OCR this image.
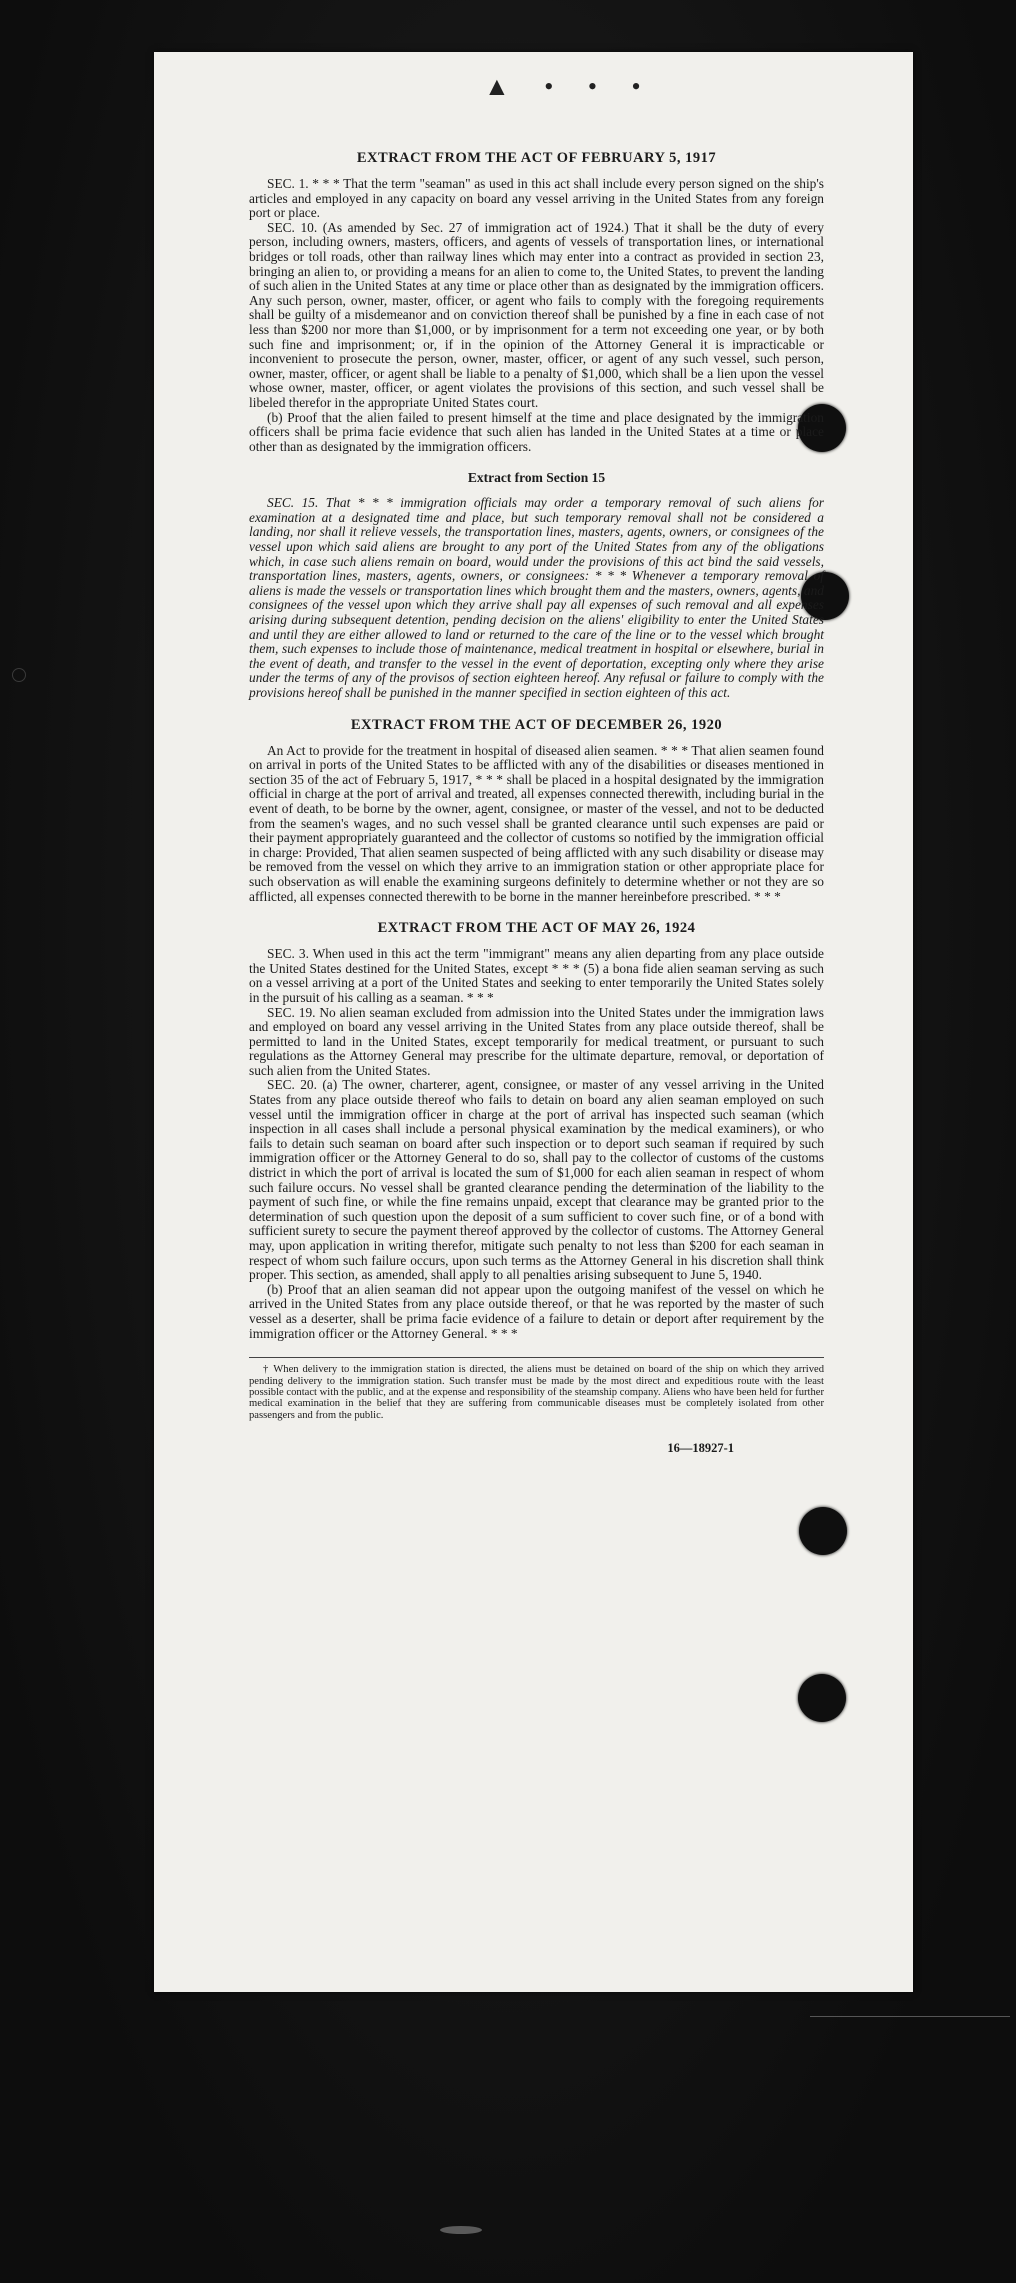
▲ • • •
EXTRACT FROM THE ACT OF FEBRUARY 5, 1917

SEC. 1. * * * That the term "seaman" as used in this act shall include every person signed on the ship's articles and employed in any capacity on board any vessel arriving in the United States from any foreign port or place.

SEC. 10. (As amended by Sec. 27 of immigration act of 1924.) That it shall be the duty of every person, including owners, masters, officers, and agents of vessels of transportation lines, or international bridges or toll roads, other than railway lines which may enter into a contract as provided in section 23, bringing an alien to, or providing a means for an alien to come to, the United States, to prevent the landing of such alien in the United States at any time or place other than as designated by the immigration officers. Any such person, owner, master, officer, or agent who fails to comply with the foregoing requirements shall be guilty of a misdemeanor and on conviction thereof shall be punished by a fine in each case of not less than $200 nor more than $1,000, or by imprisonment for a term not exceeding one year, or by both such fine and imprisonment; or, if in the opinion of the Attorney General it is impracticable or inconvenient to prosecute the person, owner, master, officer, or agent of any such vessel, such person, owner, master, officer, or agent shall be liable to a penalty of $1,000, which shall be a lien upon the vessel whose owner, master, officer, or agent violates the provisions of this section, and such vessel shall be libeled therefor in the appropriate United States court.

(b) Proof that the alien failed to present himself at the time and place designated by the immigration officers shall be prima facie evidence that such alien has landed in the United States at a time or place other than as designated by the immigration officers.

Extract from Section 15

SEC. 15. That * * * immigration officials may order a temporary removal of such aliens for examination at a designated time and place, but such temporary removal shall not be considered a landing, nor shall it relieve vessels, the transportation lines, masters, agents, owners, or consignees of the vessel upon which said aliens are brought to any port of the United States from any of the obligations which, in case such aliens remain on board, would under the provisions of this act bind the said vessels, transportation lines, masters, agents, owners, or consignees: * * * Whenever a temporary removal of aliens is made the vessels or transportation lines which brought them and the masters, owners, agents, and consignees of the vessel upon which they arrive shall pay all expenses of such removal and all expenses arising during subsequent detention, pending decision on the aliens' eligibility to enter the United States and until they are either allowed to land or returned to the care of the line or to the vessel which brought them, such expenses to include those of maintenance, medical treatment in hospital or elsewhere, burial in the event of death, and transfer to the vessel in the event of deportation, excepting only where they arise under the terms of any of the provisos of section eighteen hereof. Any refusal or failure to comply with the provisions hereof shall be punished in the manner specified in section eighteen of this act.

EXTRACT FROM THE ACT OF DECEMBER 26, 1920

An Act to provide for the treatment in hospital of diseased alien seamen. * * * That alien seamen found on arrival in ports of the United States to be afflicted with any of the disabilities or diseases mentioned in section 35 of the act of February 5, 1917, * * * shall be placed in a hospital designated by the immigration official in charge at the port of arrival and treated, all expenses connected therewith, including burial in the event of death, to be borne by the owner, agent, consignee, or master of the vessel, and not to be deducted from the seamen's wages, and no such vessel shall be granted clearance until such expenses are paid or their payment appropriately guaranteed and the collector of customs so notified by the immigration official in charge: Provided, That alien seamen suspected of being afflicted with any such disability or disease may be removed from the vessel on which they arrive to an immigration station or other appropriate place for such observation as will enable the examining surgeons definitely to determine whether or not they are so afflicted, all expenses connected therewith to be borne in the manner hereinbefore prescribed. * * *

EXTRACT FROM THE ACT OF MAY 26, 1924

SEC. 3. When used in this act the term "immigrant" means any alien departing from any place outside the United States destined for the United States, except * * * (5) a bona fide alien seaman serving as such on a vessel arriving at a port of the United States and seeking to enter temporarily the United States solely in the pursuit of his calling as a seaman. * * *

SEC. 19. No alien seaman excluded from admission into the United States under the immigration laws and employed on board any vessel arriving in the United States from any place outside thereof, shall be permitted to land in the United States, except temporarily for medical treatment, or pursuant to such regulations as the Attorney General may prescribe for the ultimate departure, removal, or deportation of such alien from the United States.

SEC. 20. (a) The owner, charterer, agent, consignee, or master of any vessel arriving in the United States from any place outside thereof who fails to detain on board any alien seaman employed on such vessel until the immigration officer in charge at the port of arrival has inspected such seaman (which inspection in all cases shall include a personal physical examination by the medical examiners), or who fails to detain such seaman on board after such inspection or to deport such seaman if required by such immigration officer or the Attorney General to do so, shall pay to the collector of customs of the customs district in which the port of arrival is located the sum of $1,000 for each alien seaman in respect of whom such failure occurs. No vessel shall be granted clearance pending the determination of the liability to the payment of such fine, or while the fine remains unpaid, except that clearance may be granted prior to the determination of such question upon the deposit of a sum sufficient to cover such fine, or of a bond with sufficient surety to secure the payment thereof approved by the collector of customs. The Attorney General may, upon application in writing therefor, mitigate such penalty to not less than $200 for each seaman in respect of whom such failure occurs, upon such terms as the Attorney General in his discretion shall think proper. This section, as amended, shall apply to all penalties arising subsequent to June 5, 1940.

(b) Proof that an alien seaman did not appear upon the outgoing manifest of the vessel on which he arrived in the United States from any place outside thereof, or that he was reported by the master of such vessel as a deserter, shall be prima facie evidence of a failure to detain or deport after requirement by the immigration officer or the Attorney General. * * *

† When delivery to the immigration station is directed, the aliens must be detained on board of the ship on which they arrived pending delivery to the immigration station. Such transfer must be made by the most direct and expeditious route with the least possible contact with the public, and at the expense and responsibility of the steamship company. Aliens who have been held for further medical examination in the belief that they are suffering from communicable diseases must be completely isolated from other passengers and from the public.

16—18927-1
